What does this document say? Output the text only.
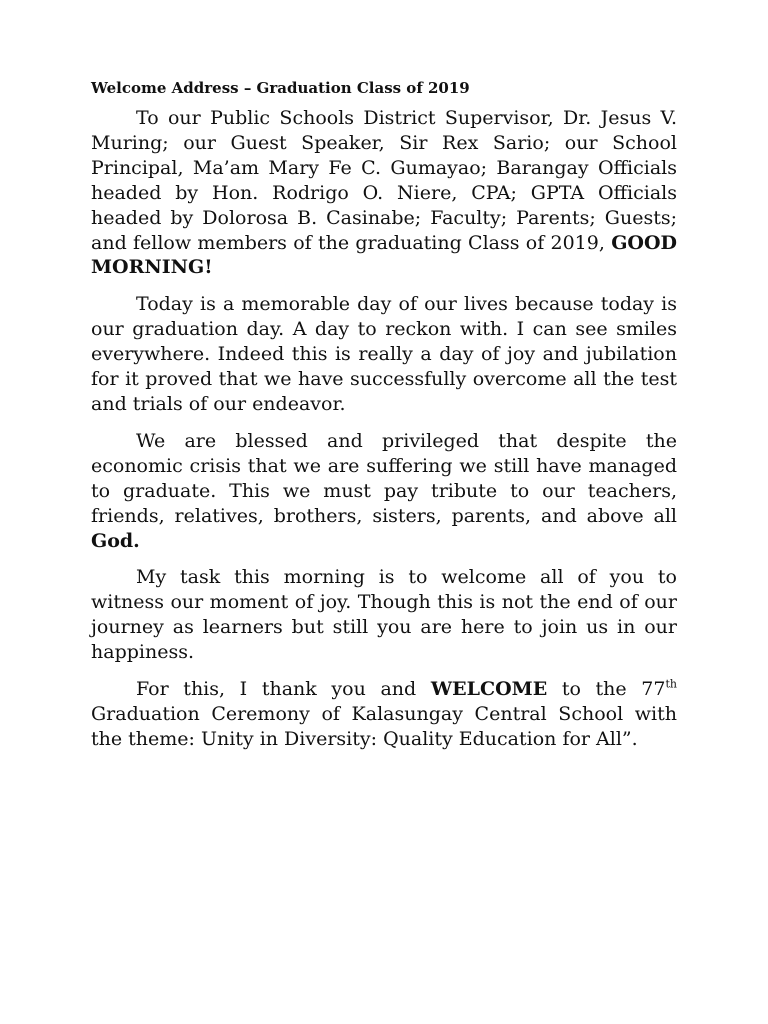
Welcome Address – Graduation Class of 2019

To our Public Schools District Supervisor, Dr. Jesus V. Muring; our Guest Speaker, Sir Rex Sario; our School Principal, Ma’am Mary Fe C. Gumayao; Barangay Officials headed by Hon. Rodrigo O. Niere, CPA; GPTA Officials headed by Dolorosa B. Casinabe; Faculty; Parents; Guests; and fellow members of the graduating Class of 2019, GOOD MORNING!

Today is a memorable day of our lives because today is our graduation day. A day to reckon with. I can see smiles everywhere. Indeed this is really a day of joy and jubilation for it proved that we have successfully overcome all the test and trials of our endeavor.

We are blessed and privileged that despite the economic crisis that we are suffering we still have managed to graduate. This we must pay tribute to our teachers, friends, relatives, brothers, sisters, parents, and above all God.

My task this morning is to welcome all of you to witness our moment of joy. Though this is not the end of our journey as learners but still you are here to join us in our happiness.

For this, I thank you and WELCOME to the 77th Graduation Ceremony of Kalasungay Central School with the theme: Unity in Diversity: Quality Education for All”.
